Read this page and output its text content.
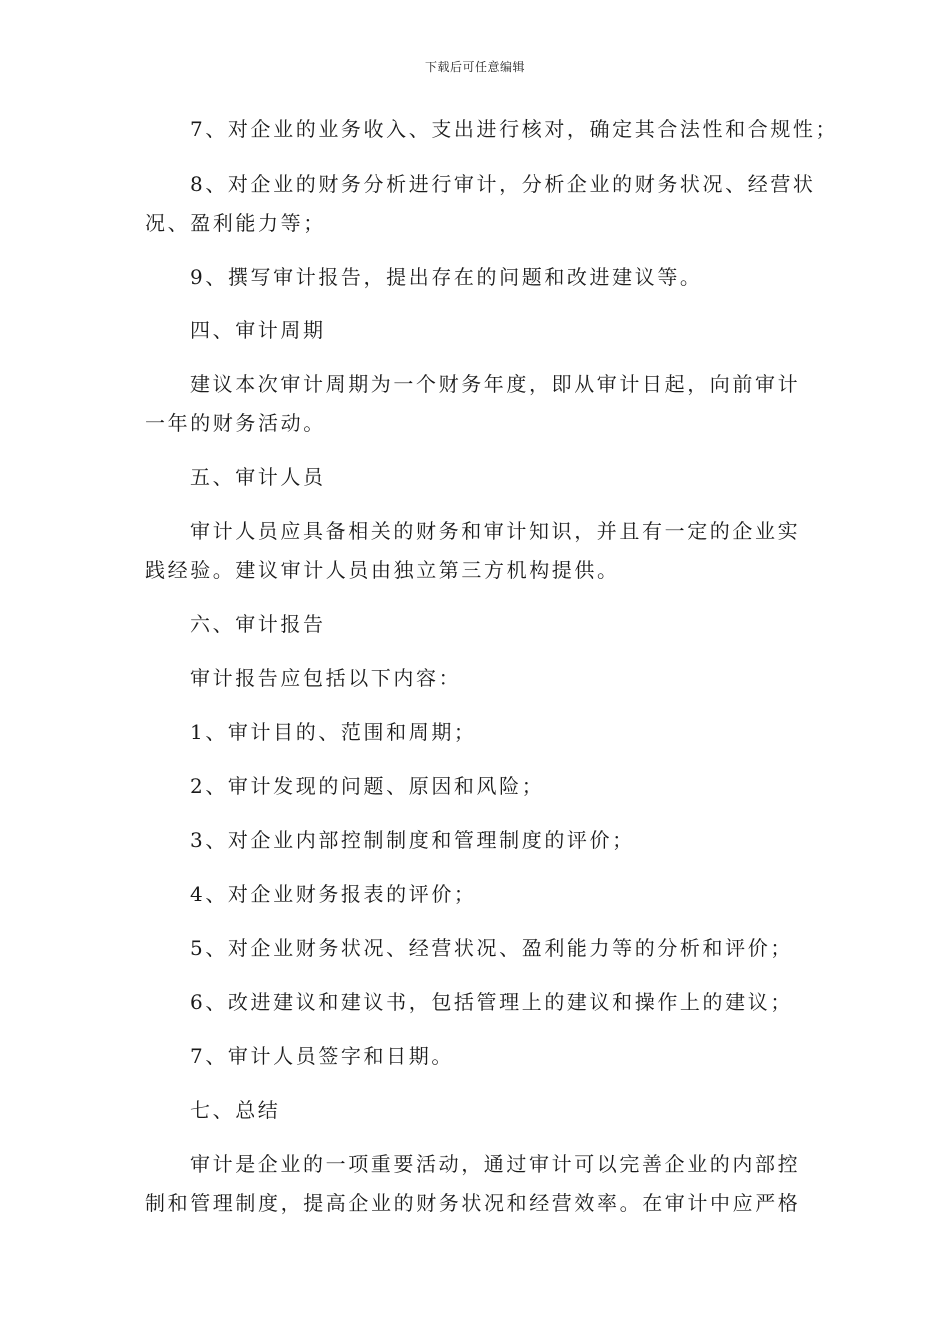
下载后可任意编辑
7、对企业的业务收入、支出进行核对，确定其合法性和合规性；
8、对企业的财务分析进行审计，分析企业的财务状况、经营状
况、盈利能力等；
9、撰写审计报告，提出存在的问题和改进建议等。
四、审计周期
建议本次审计周期为一个财务年度，即从审计日起，向前审计
一年的财务活动。
五、审计人员
审计人员应具备相关的财务和审计知识，并且有一定的企业实
践经验。建议审计人员由独立第三方机构提供。
六、审计报告
审计报告应包括以下内容：
1、审计目的、范围和周期；
2、审计发现的问题、原因和风险；
3、对企业内部控制制度和管理制度的评价；
4、对企业财务报表的评价；
5、对企业财务状况、经营状况、盈利能力等的分析和评价；
6、改进建议和建议书，包括管理上的建议和操作上的建议；
7、审计人员签字和日期。
七、总结
审计是企业的一项重要活动，通过审计可以完善企业的内部控
制和管理制度，提高企业的财务状况和经营效率。在审计中应严格
